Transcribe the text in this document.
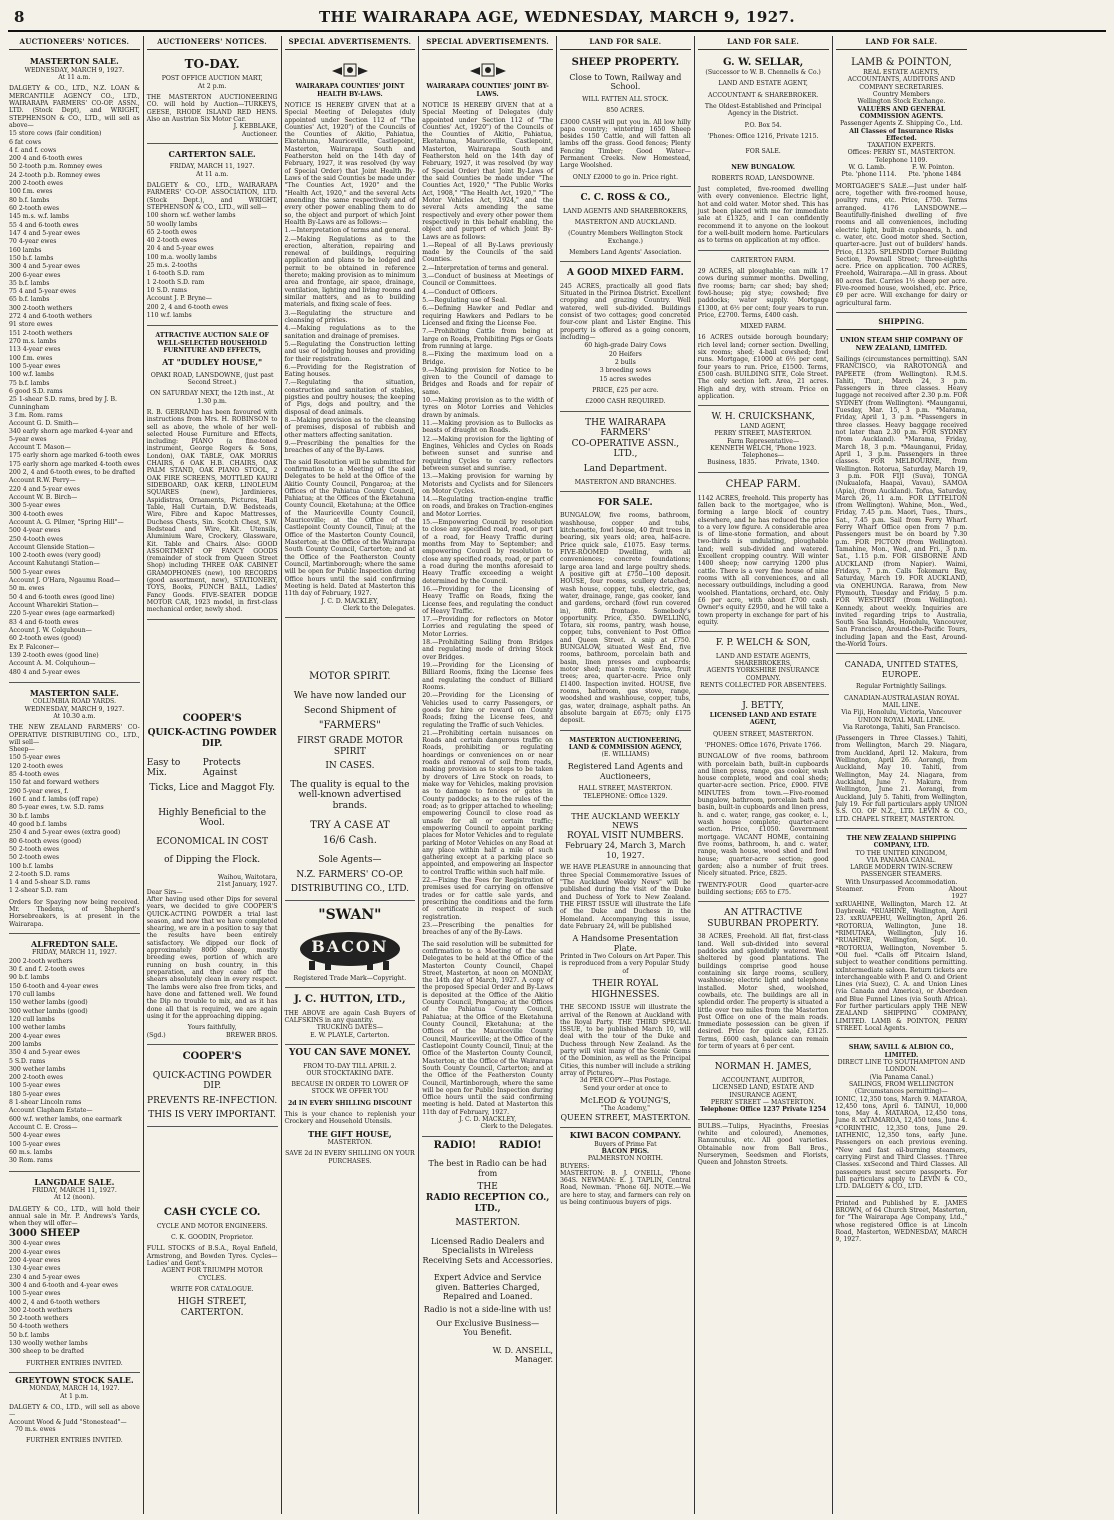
8	THE WAIRARAPA AGE, WEDNESDAY, MARCH 9, 1927.
AUCTIONEERS' NOTICES.
MASTERTON SALE.
WEDNESDAY, MARCH 9, 1927.
At 11 a.m.
DALGETY & CO., LTD., N.Z. LOAN & MERCANTILE AGENCY CO., LTD., WAIRARAPA FARMERS' CO-OP. ASSN., LTD. (Stock Dept), and WRIGHT, STEPHENSON & CO., LTD., will sell as above—
15 store cows (fair condition)
6 fat cows
4 f. and f. cows
200 4 and 6-tooth ewes
50 2-tooth p.m. Romney ewes
24 2-tooth p.b. Romney ewes
200 2-tooth ewes
100 f.m. ewes
80 b.f. lambs
60 2-tooth ewes
145 m.s. w.f. lambs
55 4 and 6-tooth ewes
147 4 and 5-year ewes
70 4-year ewes
160 lambs
150 b.f. lambs
300 4 and 5-year ewes
200 6-year ewes
35 b.f. lambs
75 4 and 5-year ewes
65 b.f. lambs
300 2-tooth wethers
272 4 and 6-tooth wethers
91 store ewes
151 2-tooth wethers
270 m.s. lambs
113 4-year ewes
100 f.m. ewes
100 5-year ewes
100 w.f. lambs
75 b.f. lambs
6 good S.D. rams
25 1-shear S.D. rams, bred by J. B. Cunningham
3 f.m. Rom. rams
Account G. D. Smith—
340 early shorn age marked 4-year and 5-year ewes
Account T. Mason—
175 early shorn age marked 6-tooth ewes
175 early shorn age marked 4-tooth ewes
200 2, 4 and 6-tooth ewes, to be drafted
Account R.W. Perry—
220 4 and 5-year ewes
Account W. B. Birch—
300 5-year ewes
300 4-tooth ewes
Account A. G. Pilmer, "Spring Hill"—
500 4-year ewes
250 4-tooth ewes
Account Glenside Station—
100 2-tooth ewes (very good)
Account Kahutangi Station—
500 5-year ewes
Account J. O'Hara, Ngaumu Road—
50 m. ewes
50 4 and 6-tooth ewes (good line)
Account Wharekiri Station—
220 5-year ewes (age earmarked)
83 4 and 6-tooth ewes
Account J. W. Colquhoun—
60 2-tooth ewes (good)
Ex P. Falconer—
139 2-tooth ewes (good line)
Account A. M. Colquhoun—
480 4 and 5-year ewes
MASTERTON SALE.
COLUMBIA ROAD YARDS.
WEDNESDAY, MARCH 9, 1927.
At 10.30 a.m.
THE NEW ZEALAND FARMERS' CO-OPERATIVE DISTRIBUTING CO., LTD., will sell—
Sheep—
150 5-year ewes
120 2-tooth ewes
85 4-tooth ewes
150 fat and forward wethers
290 5-year ewes, f.
160 f. and f. lambs (off rape)
80 5-year ewes, t.w. S.D. rams
30 b.f. lambs
40 good b.f. lambs
250 4 and 5-year ewes (extra good)
80 6-tooth ewes (good)
50 2-tooth ewes
50 2-tooth ewes
100 b.f. lambs
2 2-tooth S.D. rams
1 4 and 5-shear S.D. rams
1 2-shear S.D. ram
Orders for Spaying now being received. Mr. Thedens, of Shepherd's Horsebreakers, is at present in the Wairarapa.
ALFREDTON SALE.
FRIDAY, MARCH 11, 1927.
200 2-tooth wethers
30 f. and f. 2-tooth ewes
90 b.f. lambs
150 6-tooth and 4-year ewes
170 cull lambs
150 wether lambs (good)
300 wether lambs (good)
120 cull lambs
100 wether lambs
200 4-year ewes
200 lambs
350 4 and 5-year ewes
5 S.D. rams
300 wether lambs
200 2-tooth ewes
100 5-year ewes
180 5-year ewes
8 1-shear Lincoln rams
Account Clapham Estate—
600 w.f. wether lambs, one earmark
Account C. E. Cross—
500 4-year ewes
100 5-year ewes
60 m.s. lambs
30 Rom. rams
LANGDALE SALE.
FRIDAY, MARCH 11, 1927.
At 12 (noon).
DALGETY & CO., LTD., will hold their annual sale in Mr. P. Andrews's Yards, when they will offer—
3000 SHEEP
300 4-year ewes
200 4-year ewes
200 4-year ewes
130 4-year ewes
230 4 and 5-year ewes
300 4 and 6-tooth and 4-year ewes
100 5-year ewes
400 2, 4 and 6-tooth wethers
300 2-tooth wethers
50 2-tooth wethers
50 4-tooth wethers
50 b.f. lambs
130 woolly wether lambs
300 sheep to be drafted
FURTHER ENTRIES INVITED.
GREYTOWN STOCK SALE.
MONDAY, MARCH 14, 1927.
At 1 p.m.
DALGETY & CO., LTD., will sell as above—
Account Wood & Judd "Stonestead"—
70 m.s. ewes
FURTHER ENTRIES INVITED.
AUCTIONEERS' NOTICES.
TO-DAY.
POST OFFICE AUCTION MART,
At 2 p.m.
THE MASTERTON AUCTIONEERING CO. will hold by Auction—TURKEYS, GEESE, RHODE ISLAND RED HENS. Also an Austrian Six Motor Car.
J. KEBBLAKE,
Auctioneer.
CARTERTON SALE.
FRIDAY, MARCH 11, 1927.
At 11 a.m.
DALGETY & CO., LTD., WAIRARAPA FARMERS' CO-OP. ASSOCIATION, LTD. (Stock Dept.), and WRIGHT, STEPHENSON & CO., LTD., will sell—
100 shorn w.f. wether lambs
50 woolly lambs
65 2-tooth ewes
40 2-tooth ewes
20 4 and 5-year ewes
100 m.a. woolly lambs
25 m.s. 2-tooths
1 6-tooth S.D. ram
1 2-tooth S.D. ram
10 S.D. rams
Account J. P. Bryne—
200 2, 4 and 6-tooth ewes
110 w.f. lambs
ATTRACTIVE AUCTION SALE OF WELL-SELECTED HOUSEHOLD FURNITURE AND EFFECTS,
AT "DUDLEY HOUSE,"
OPAKI ROAD, LANSDOWNE, (just past Second Street.)
ON SATURDAY NEXT, the 12th inst., At 1.30 p.m.
R. B. GERRAND has been favoured with instructions from Mrs. H. ROBINSON to sell as above, the whole of her well-selected House Furniture and Effects, including: PIANO (a fine-toned instrument, George Rogers & Sons, London), OAK TABLE, OAK MORRIS CHAIRS, 6 OAK H.B. CHAIRS, OAK PALM STAND, OAK PIANO STOOL, 2 OAK FIRE SCREENS, MOTTLED KAURI SIDEBOARD, OAK KERB, LINOLEUM SQUARES (new), Jardinieres, Aspidistras, Ornaments, Pictures, Hall Table, Hall Curtain, D.W. Bedsteads, Wire, Fibre and Kapoc Mattresses, Duchess Chests, Sin. Scotch Chest, S.W. Bedstead and Wire, Kit. Utensils, Aluminium Ware, Crockery, Glassware, Kit. Table and Chairs. Also: GOOD ASSORTMENT OF FANCY GOODS (remainder of stock from Queen Street Shop) including THREE OAK CABINET GRAMOPHONES (new), 100 RECORDS (good assortment, new), STATIONERY, TOYS, Books, PUNCH BALL, Ladies' Fancy Goods. FIVE-SEATER DODGE MOTOR CAR, 1923 model, in first-class mechanical order, newly shod.
COOPER'S
QUICK-ACTING POWDER DIP.
Easy to Mix.
Protects Against
Ticks, Lice and Maggot Fly.
Highly Beneficial to the Wool.
ECONOMICAL IN COST
of Dipping the Flock.
Waihou, Waitotara,
21st January, 1927.
Dear Sirs—
After having used other Dips for several years, we decided to give COOPER'S QUICK-ACTING POWDER a trial last season, and now that we have completed shearing, we are in a position to say that the results have been entirely satisfactory. We dipped our flock of approximately 8000 sheep, mostly breeding ewes, portion of which are running on bush country, in this preparation, and they came off the shears absolutely clean in every respect. The lambs were also free from ticks, and have done and fattened well. We found the Dip no trouble to mix, and as it has done all that is required, we are again using it for the approaching dipping.
Yours faithfully,
(Sgd.)	BREWER BROS.
COOPER'S
QUICK-ACTING POWDER DIP.
PREVENTS RE-INFECTION.
THIS IS VERY IMPORTANT.
CASH CYCLE CO.
CYCLE AND MOTOR ENGINEERS.
C. K. GOODIN, Proprietor.
FULL STOCKS of B.S.A., Royal Enfield, Armstrong, and Bowden Tyres. Cycles—Ladies' and Gent's.
AGENT FOR TRIUMPH MOTOR CYCLES.
WRITE FOR CATALOGUE.
HIGH STREET, CARTERTON.
SPECIAL ADVERTISEMENTS.
WAIRARAPA COUNTIES' JOINT HEALTH BY-LAWS.
NOTICE IS HEREBY GIVEN that at a Special Meeting of Delegates (duly appointed under Section 112 of "The Counties' Act, 1920") of the Councils of the Counties of Akitio, Pahiatua, Eketahuna, Mauriceville, Castlepoint, Masterton, Wairarapa South and Featherston held on the 14th day of February, 1927, it was resolved (by way of Special Order) that Joint Health By-Laws of the said Counties be made under "The Counties Act, 1920" and the "Health Act, 1920," and the several Acts amending the same respectively and of every other power enabling them to do so, the object and purport of which Joint Health By-Laws are as follows:—
1.—Interpretation of terms and general.
2.—Making Regulations as to the erection, alteration, repairing and renewal of buildings, requiring application and plans to be lodged and permit to be obtained in reference thereto; making provision as to minimum area and frontage, air space, drainage, ventilation, lighting and living rooms and similar matters, and as to building materials, and fixing scale of fees.
3.—Regulating the structure and cleansing of privies.
4.—Making regulations as to the sanitation and drainage of premises.
5.—Regulating the Construction letting and use of lodging houses and providing for their registration.
6.—Providing for the Registration of Eating houses.
7.—Regulating the situation, construction and sanitation of stables, pigsties and poultry houses; the keeping of Pigs, dogs and poultry, and the disposal of dead animals.
8.—Making provision as to the cleansing of premises, disposal of rubbish and other matters affecting sanitation.
9.—Prescribing the penalties for the breaches of any of the By-Laws.
The said Resolution will be submitted for confirmation to a Meeting of the said Delegates to be held at the Office of the Akitio County Council, Pongaroa; at the Offices of the Pahiatua County Council, Pahiatua; at the Offices of the Eketahuna County Council, Eketahuna; at the Office of the Mauriceville County Council, Mauriceville; at the Office of the Castlepoint County Council, Tinui; at the Office of the Masterton County Council, Masterton; at the Office of the Wairarapa South County Council, Carterton; and at the Office of the Featherston County Council, Martinborough; where the same will be open for Public Inspection during Office hours until the said confirming Meeting is held. Dated at Masterton this 11th day of February, 1927.
J. C. D. MACKLEY,
Clerk to the Delegates.
MOTOR SPIRIT.
We have now landed our
Second Shipment of
"FARMERS"
FIRST GRADE MOTOR SPIRIT
IN CASES.
The quality is equal to the well-known advertised brands.
TRY A CASE AT
16/6 Cash.
Sole Agents—
N.Z. FARMERS' CO-OP.
DISTRIBUTING CO., LTD.
"SWAN"
BACON
Registered Trade Mark—Copyright.
J. C. HUTTON, LTD.,
THE ABOVE are again Cash Buyers of CALFSKINS in any quantity.
TRUCKING DATES—
E. W. PLAYLE, Carterton.
YOU CAN SAVE MONEY.
FROM TO-DAY TILL APRIL 2.
OUR STOCKTAKING DATE.
BECAUSE IN ORDER TO LOWER OF STOCK WE OFFER YOU
2d IN EVERY SHILLING DISCOUNT
This is your chance to replenish your Crockery and Household Utensils.
THE GIFT HOUSE,
MASTERTON.
SAVE 2d IN EVERY SHILLING ON YOUR PURCHASES.
SPECIAL ADVERTISEMENTS.
WAIRARAPA COUNTIES' JOINT BY-LAWS.
NOTICE IS HEREBY GIVEN that at a Special Meeting of Delegates (duly appointed under Section 112 of "The Counties' Act, 1920") of the Councils of the Counties of Akitio, Pahiatua, Eketahuna, Mauriceville, Castlepoint, Masterton, Wairarapa South and Featherston held on the 14th day of February, 1927, it was resolved (by way of Special Order) that Joint By-Laws of the said Counties be made under "The Counties Act, 1920," "The Public Works Act, 1908," "The Health Act, 1920," "The Motor Vehicles Act, 1924," and the several Acts amending the same respectively and every other power them respectively in this behalf enabling, the object and purport of which Joint By-Laws are as follows:
1.—Repeal of all By-Laws previously made by the Councils of the said Counties.
2.—Interpretation of terms and general.
3.—Conduct of business at Meetings of Council or Committees.
4.—Conduct of Officers.
5.—Regulating use of Seal.
6.—Defining Hawker and Pedlar and requiring Hawkers and Pedlars to be Licensed and fixing the License Fee.
7.—Prohibiting Cattle from being at large on Roads, Prohibiting Pigs or Goats from running at large.
8.—Fixing the maximum load on a Bridge.
9.—Making provision for Notice to be given to the Council of damage to Bridges and Roads and for repair of same.
10.—Making provision as to the width of tyres on Motor Lorries and Vehicles drawn by animals.
11.—Making provision as to Bullocks as beasts of draught on Roads.
12.—Making provision for the lighting of Engines, Vehicles and Cycles on Roads between sunset and sunrise and requiring Cycles to carry reflectors between sunset and sunrise.
13.—Making provision for warning by Motorists and Cyclists and for Silencers on Motor Cycles.
14.—Regulating traction-engine traffic on roads, and brakes on Traction-engines and Motor Lorries.
15.—Empowering Council by resolution to close any specified road, road, or part of a road, for Heavy Traffic during months from May to September; and empowering Council by resolution to close any specified roads, road, or part of a road during the months aforesaid to Heavy Traffic exceeding a weight determined by the Council.
16.—Providing for the Licensing of Heavy Traffic on Roads, fixing the License fees, and regulating the conduct of Heavy Traffic.
17.—Providing for reflectors on Motor Lorries and regulating the speed of Motor Lorries.
18.—Prohibiting Sailing from Bridges and regulating mode of driving Stock over Bridges.
19.—Providing for the Licensing of Billiard Rooms, fixing the License fees and regulating the conduct of Billiard Rooms.
20.—Providing for the Licensing of Vehicles used to carry Passengers, or goods for hire or reward on County Roads; fixing the License fees, and regulating the Traffic of such Vehicles.
21.—Prohibiting certain nuisances on Roads and certain dangerous traffic on Roads, prohibiting or regulating hoardings or conveniences on or near roads and removal of soil from roads, making provision as to steps to be taken by drovers of Live Stock on roads, to make way for Vehicles, making provision as to damage to fences or gates in County paddocks; as to the rules of the road; as to gripper attached to wheeling; empowering Council to close road as unsafe for all or certain traffic; empowering Council to appoint parking places for Motor Vehicles and to regulate parking of Motor Vehicles on any Road at any place within half a mile of such gathering except at a parking place so appointed, and empowering an Inspector to control Traffic within such half mile.
22.—Fixing the Fees for Registration of premises used for carrying on offensive trades or for cattle sale yards, and prescribing the conditions and the form of certificate in respect of such registration.
23.—Prescribing the penalties for breaches of any of the By-Laws.
The said resolution will be submitted for confirmation to a Meeting of the said Delegates to be held at the Office of the Masterton County Council, Chapel Street, Masterton, at noon on MONDAY, the 14th day of March, 1927. A copy of the proposed Special Order and By-Laws is deposited at the Office of the Akitio County Council, Pongaroa; at the Offices of the Pahiatua County Council, Pahiatua; at the Office of the Eketahuna County Council, Eketahuna; at the Offices of the Mauriceville County Council, Mauriceville; at the Office of the Castlepoint County Council, Tinui; at the Office of the Masterton County Council, Masterton; at the Office of the Wairarapa South County Council, Carterton; and at the Office of the Featherston County Council, Martinborough, where the same will be open for Public Inspection during Office hours until the said confirming meeting is held. Dated at Masterton this 11th day of February, 1927.
J. C. D. MACKLEY,
Clerk to the Delegates.
RADIO! RADIO!
The best in Radio can be had from
THE
RADIO RECEPTION CO., LTD.,
MASTERTON.
Licensed Radio Dealers and Specialists in Wireless Receiving Sets and Accessories.
Expert Advice and Service given. Batteries Charged, Repaired and Loaned.
Radio is not a side-line with us!
Our Exclusive Business—
You Benefit.
W. D. ANSELL,
Manager.
LAND FOR SALE.
SHEEP PROPERTY.
Close to Town, Railway and School.
WILL FATTEN ALL STOCK.
850 ACRES.
£3000 CASH will put you in. All low hilly papa country; wintering 1650 Sheep besides 150 Cattle, and will fatten all lambs off the grass. Good fences; Plenty Fencing Timber; Good Water—Permanent Creeks. New Homestead, Large Woolshed.
ONLY £2000 to go in. Price right.
C. C. ROSS & CO.,
LAND AGENTS AND SHAREBROKERS,
MASTERTON AND AUCKLAND.
(Country Members Wellington Stock Exchange.)
Members Land Agents' Association.
A GOOD MIXED FARM.
245 ACRES, practically all good flats Situated in the Pirinoa District. Excellent cropping and grazing Country. Well watered, well sub-divided. Buildings consist of two cottages; good concreted four-cow plant and Lister Engine. This property is offered as a going concern, including—
60 high-grade Dairy Cows
20 Heifers
2 bulls
3 breeding sows
15 acres swedes
PRICE, £25 per acre.
£2000 CASH REQUIRED.
THE WAIRARAPA FARMERS'
CO-OPERATIVE ASSN., LTD.,
Land Department.
MASTERTON AND BRANCHES.
FOR SALE.
BUNGALOW, five rooms, bathroom, washhouse, copper and tubs, kitchenette, fowl house, 40 fruit trees in bearing, six years old; area, half-acre. Price quick sale, £1075. Easy terms. FIVE-ROOMED Dwelling, with all conveniences; concrete foundations; large area land and large poultry sheds. A positive gift at £750—100 deposit. HOUSE, four rooms, scullery detached; wash house, copper, tubs, electric, gas, water, drainage, range, gas cooker, land and gardens, orchard (fowl run covered in), 80ft. frontage. Somebody's opportunity. Price, £350. DWELLING, Totara, six rooms, pantry, wash house, copper, tubs, convenient to Post Office and Queen Street. A snip at £750. BUNGALOW, situated West End, five rooms, bathroom, porcelain bath and basin, linen presses and cupboards; motor shed; man's room; lawns, fruit trees; area, quarter-acre. Price only £1400. Inspection invited. HOUSE, five rooms, bathroom, gas stove, range, woodshed and washhouse, copper, tubs, gas, water, drainage, asphalt paths. An absolute bargain at £675; only £175 deposit.
MASTERTON AUCTIONEERING, LAND & COMMISSION AGENCY,
(E. WILLIAMS)
Registered Land Agents and Auctioneers,
HALL STREET, MASTERTON.
TELEPHONE: Office 1329.
THE AUCKLAND WEEKLY NEWS
ROYAL VISIT NUMBERS.
February 24, March 3, March 10, 1927.
WE HAVE PLEASURE in announcing that three Special Commemorative Issues of "The Auckland Weekly News" will be published during the visit of the Duke and Duchess of York to New Zealand. THE FIRST ISSUE will illustrate the Life of the Duke and Duchess in the Homeland. Accompanying this issue, date February 24, will be published
A Handsome Presentation Plate.
Printed in Two Colours on Art Paper. This is reproduced from a very Popular Study of
THEIR ROYAL HIGHNESSES.
THE SECOND ISSUE will illustrate the arrival of the Renown at Auckland with the Royal Party. THE THIRD SPECIAL ISSUE, to be published March 10, will deal with the tour of the Duke and Duchess through New Zealand. As the party will visit many of the Scenic Gems of the Dominion, as well as the Principal Cities, this number will include a striking array of Pictures.
3d PER COPY—Plus Postage.
Send your order at once to
McLEOD & YOUNG'S,
"The Academy,"
QUEEN STREET, MASTERTON.
KIWI BACON COMPANY.
Buyers of Prime Fat
BACON PIGS.
PALMERSTON NORTH.
BUYERS:
MASTERTON: B. J. O'NEILL, 'Phone 364S. NEWMAN: E. J. TAPLIN, Central Road, Newman. 'Phone 6IJ. NOTE.—We are here to stay, and farmers can rely on us being continuous buyers of pigs.
LAND FOR SALE.
G. W. SELLAR,
(Successor to W. B. Chennells & Co.)
LAND AND ESTATE AGENT,
ACCOUNTANT & SHAREBROKER.
The Oldest-Established and Principal Agency in the District.
P.O. Box 54.
'Phones: Office 1216, Private 1215.
FOR SALE.
NEW BUNGALOW.
ROBERTS ROAD, LANSDOWNE.
Just completed, five-roomed dwelling with every convenience. Electric light, hot and cold water. Motor shed. This has just been placed with me for immediate sale at £1325, and I can confidently recommend it to anyone on the lookout for a well-built modern home. Particulars as to terms on application at my office.
CARTERTON FARM.
29 ACRES, all ploughable; can milk 17 cows during summer months. Dwelling, five rooms; barn; car shed; bay shed; fowl-house; pig stye; cowshed; five paddocks; water supply. Mortgage £1300, at 6½ per cent; four years to run. Price, £2700. Terms, £400 cash.
MIXED FARM.
16 ACRES outside borough boundary; rich level land; corner section. Dwelling, six rooms; shed; 4-bail cowshed; fowl runs. Mortgage, £1000 at 6½ per cent, four years to run. Price, £1500. Terms, £500 cash. BUILDING SITE, Cole Street. The only section left. Area, 21 acres. High and dry, with stream. Price on application.
W. H. CRUICKSHANK,
LAND AGENT,
PERRY STREET, MASTERTON.
Farm Representative—
KENNETH WELCH, 'Phone 1923.
Telephones—
Business, 1835.	Private, 1340.
CHEAP FARM.
1142 ACRES, freehold. This property has fallen back to the mortgagee, who is forming a large block of country elsewhere, and he has reduced the price to a very low figure. A considerable area is of lime-stone formation, and about two-thirds is undulating, ploughable land; well sub-divided and watered. Excellent cropping country. Will winter 1400 sheep; now carrying 1200 plus cattle. There is a very fine house of nine rooms with all conveniences, and all necessary outbuildings, including a good woolshed. Plantations, orchard, etc. Only £6 per acre, with about £700 cash. Owner's equity £2950, and he will take a town property in exchange for part of his equity.
F. P. WELCH & SON,
LAND AND ESTATE AGENTS,
SHAREBROKERS,
AGENTS YORKSHIRE INSURANCE COMPANY.
RENTS COLLECTED FOR ABSENTEES.
J. BETTY,
LICENSED LAND AND ESTATE AGENT,
QUEEN STREET, MASTERTON.
'PHONES: Office 1676, Private 1766.
BUNGALOW of five rooms, bathroom with porcelain bath, built-in cupboards and linen press, range, gas cooker, wash house complete, wood and coal sheds; quarter-acre section. Price, £900. FIVE MINUTES from town.—Five-roomed bungalow, bathroom, porcelain bath and basin, built-in cupboards and linen press, h. and c. water, range, gas cooker, e. l., wash house complete; quarter-acre section. Price, £1050. Government mortgage. VACANT HOME, containing five rooms, bathroom, h. and c. water, range, wash house, wood shed and fowl house; quarter-acre section; good garden; also a number of fruit trees. Nicely situated. Price, £825.
TWENTY-FOUR Good quarter-acre building sections; £65 to £75.
AN ATTRACTIVE SUBURBAN PROPERTY.
38 ACRES, Freehold. All flat, first-class land. Well sub-divided into several paddocks and splendidly watered. Well sheltered by good plantations. The buildings comprise good house containing six large rooms, scullery, washhouse; electric light and telephone installed. Motor shed, woolshed, cowbails, etc. The buildings are all in splendid order. The property is situated a little over two miles from the Masterton Post Office on one of the main roads. Immediate possession can be given if desired. Price for quick sale, £3125. Terms, £600 cash, balance can remain for term of years at 6 per cent.
NORMAN H. JAMES,
ACCOUNTANT, AUDITOR,
LICENSED LAND, ESTATE AND INSURANCE AGENT,
PERRY STREET — MASTERTON.
Telephone: Office 1237 Private 1254
BULBS.—Tulips, Hyacinths, Freesias (white and coloured), Anemones, Ranunculus, etc. All good varieties. Obtainable now from Ball Bros., Nurserymen, Seedsmen and Florists, Queen and Johnston Streets.
LAND FOR SALE.
LAMB & POINTON,
REAL ESTATE AGENTS, ACCOUNTANTS, AUDITORS AND COMPANY SECRETARIES.
Country Members
Wellington Stock Exchange.
VALUERS AND GENERAL COMMISSION AGENTS.
Passenger Agents Z. Shipping Co., Ltd.
All Classes of Insurance Risks Effected.
TAXATION EXPERTS.
Offices: PERRY ST., MASTERTON.
Telephone 1109.
W. G. Lamb.	F. W. Pointon.
Pte. 'phone 1114. Pte. 'phone 1484
MORTGAGEE'S SALE.—Just under half-acre, together with five-roomed house, poultry runs, etc. Price, £750. Terms arranged. 4176 LANSDOWNE.—Beautifully-finished dwelling of five rooms and all conveniences, including electric light, built-in cupboards, h. and c. water, etc. Good motor shed. Section, quarter-acre. Just out of builders' hands. Price, £1325. SPLENDID Corner Building Section, Pownall Street; three-eighths acre. Price on application. 700 ACRES, Freehold, Wairarapa.—All in grass. About 80 acres flat. Carries 1½ sheep per acre. Five-roomed house, woolshed, etc. Price, £9 per acre. Will exchange for dairy or agricultural farm.
SHIPPING.
UNION STEAM SHIP COMPANY OF NEW ZEALAND, LIMITED.
Sailings (circumstances permitting). SAN FRANCISCO, via RAROTONGA and PAPEETE (from Wellington). R.M.S. Tahiti, Thur., March 24, 3 p.m. Passengers in three classes. Heavy luggage not received after 2.30 p.m. FOR SYDNEY (from Wellington). *Maunganui, Tuesday, Mar. 15, 3 p.m. *Marama, Friday, April 1, 3 p.m. *Passengers in three classes. Heavy baggage received not later than 2.30 p.m. FOR SYDNEY (from Auckland). *Marama, Friday, March 18, 3 p.m. *Maunganui, Friday, April 1, 3 p.m. Passengers in three classes. FOR MELBOURNE, from Wellington. Rotorua, Saturday, March 19, 3 p.m. FOR FIJI (Suva), TONGA (Nukualofa, Haapai, Vavau), SAMOA (Apia), (from Auckland). Tofua, Saturday, March 26, 11 a.m. FOR LYTTELTON (from Wellington). Wahine, Mon., Wed., Friday, 7.45 p.m. Maori, Tues., Thurs., Sat., 7.45 p.m. Sail from Ferry Wharf. Ferry Wharf Office open from 7 p.m. Passengers must be on board by 7.30 p.m. FOR PICTON (from Wellington). Tamahine, Mon., Wed., and Fri., 3 p.m. Sat., 1.15 p.m. FOR GISBORNE AND AUCKLAND (from Napier). Waimi, Fridays, 7 p.m. Calls Tokomaru Bay, Saturday, March 19. FOR AUCKLAND, via ONEHUNGA. Rarawa, from New Plymouth, Tuesday and Friday, 5 p.m. FOR WESTPORT (from Wellington). Kennedy, about weekly. Inquiries are invited regarding trips to Australia, South Sea Islands, Honolulu, Vancouver, San Francisco, Around-the-Pacific Tours, including Japan and the East, Around-the-World Tours.
CANADA, UNITED STATES, EUROPE.
Regular Fortnightly Sailings.
CANADIAN-AUSTRALASIAN ROYAL MAIL LINE.
Via Fiji, Honolulu, Victoria, Vancouver
UNION ROYAL MAIL LINE.
Via Rarotonga, Tahiti, San Francisco.
(Passengers in Three Classes.) Tahiti, from Wellington, March 29. Niagara, from Auckland, April 12. Makura, from Wellington, April 26. Aorangi, from Auckland, May 10. Tahiti, from Wellington, May 24. Niagara, from Auckland, June 7. Makura, from Wellington, June 21. Aorangi, from Auckland, July 5. Tahiti, from Wellington, July 19. For full particulars apply UNION S.S. CO. OF N.Z., LTD. LEVIN & CO., LTD. CHAPEL STREET, MASTERTON.
THE NEW ZEALAND SHIPPING COMPANY, LTD.
TO THE UNITED KINGDOM,
VIA PANAMA CANAL.
LARGE MODERN TWIN-SCREW PASSENGER STEAMERS.
With Unsurpassed Accommodation.
Steamer.	From	About
1927
xxRUAHINE, Wellington, March 12. At Daybreak. *RUAHINE, Wellington, April 23. xxRUAPEHU, Wellington, April 26. *ROTORUA, Wellington, June 18. *RIMUTAKA, Wellington, July 16. *RUAHINE, Wellington, Sept. 10. *ROTORUA, Wellington, November 5. *Oil fuel. *Calls off Pitcairn Island, subject to weather conditions permitting. xxIntermediate saloon. Return tickets are interchangeable with P. and O. and Orient Lines (via Suez), C. A. and Union Lines (via Canada and America), or Aberdeen and Blue Funnel Lines (via South Africa). For further particulars apply THE NEW ZEALAND SHIPPING COMPANY, LIMITED. LAMB & POINTON, PERRY STREET. Local Agents.
SHAW, SAVILL & ALBION CO., LIMITED.
DIRECT LINE TO SOUTHAMPTON AND LONDON.
(Via Panama Canal.)
SAILINGS, FROM WELLINGTON
(Circumstances permitting)—
IONIC, 12,350 tons, March 9. MATAROA, 12,450 tons, April 6. TAINUI, 10,000 tons, May 4. MATAROA, 12,450 tons, June 8. xxTAMAROA, 12,450 tons, June 4. *CORINTHIC, 12,350 tons, June 29. IATHENIC, 12,350 tons, early June. Passengers on each previous evening. *New and fast oil-burning steamers, carrying First and Third Classes. †Three Classes. xxSecond and Third Classes. All passengers must secure passports. For full particulars apply to LEVIN & CO., LTD. DALGETY & CO., LTD.
Printed and Published by E. JAMES BROWN, of 64 Church Street, Masterton, for "The Wairarapa Age Company, Ltd.," whose registered Office is at Lincoln Road, Masterton, WEDNESDAY, MARCH 9, 1927.
